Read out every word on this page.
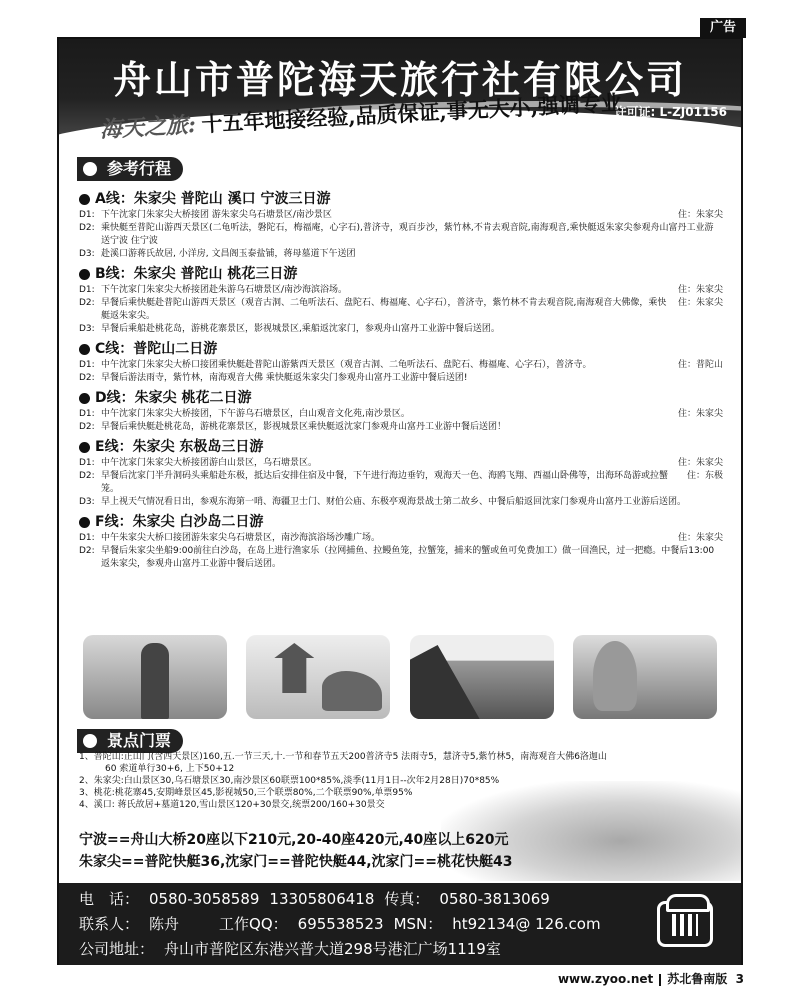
广告
舟山市普陀海天旅行社有限公司
许可证: L-ZJ01156
海天之旅: 十五年地接经验,品质保证,事无大小,强调专业
参考行程
A线：朱家尖 普陀山 溪口 宁波三日游
D1: 下午沈家门朱家尖大桥接团 游朱家尖乌石塘景区/南沙景区	住：朱家尖
D2: 乘快艇至普陀山游西天景区(二龟听法，磐陀石，梅福庵，心字石),普济寺，观百步沙，紫竹林,不肯去观音院,南海观音,乘快艇返朱家尖参观舟山富丹工业游送宁波 住宁波
D3: 赴溪口游蒋氏故居, 小洋房, 文昌阁玉泰盐铺，蒋母墓道下午送团
B线：朱家尖 普陀山 桃花三日游
D1: 下午沈家门朱家尖大桥接团赴朱游乌石塘景区/南沙海滨浴场。	住：朱家尖
D2: 早餐后乘快艇赴普陀山游西天景区（观音古洞、二龟听法石、盘陀石、梅福庵、心字石），普济寺，紫竹林不肯去观音院,南海观音大佛像，乘快艇返朱家尖。
住：朱家尖
D3: 早餐后乘船赴桃花岛，游桃花寨景区，影视城景区,乘船返沈家门，参观舟山富丹工业游中餐后送团。
C线：普陀山二日游
D1: 中午沈家门朱家尖大桥口接团乘快艇赴普陀山游紫西天景区（观音古洞、二龟听法石、盘陀石、梅福庵、心字石），普济寺。	住：普陀山
D2: 早餐后游法雨寺，紫竹林，南海观音大佛 乘快艇返朱家尖门参观舟山富丹工业游中餐后送团!
D线：朱家尖 桃花二日游
D1: 中午沈家门朱家尖大桥接团，下午游乌石塘景区，白山观音文化苑,南沙景区。	住：朱家尖
D2: 早餐后乘快艇赴桃花岛，游桃花寨景区，影视城景区乘快艇返沈家门参观舟山富丹工业游中餐后送团！
E线：朱家尖 东极岛三日游
D1: 中午沈家门朱家尖大桥接团游白山景区，乌石塘景区。	住：朱家尖
D2: 早餐后沈家门半升洞码头乘船赴东极，抵达后安排住宿及中餐，下午进行海边垂钓，观海天一色、海鸥飞翔、西福山卧佛等，出海环岛游或拉蟹笼。
住：东极
D3: 早上视天气情况看日出，参观东海第一哨、海疆卫士门、财伯公庙、东极亭观海景战士第二故乡、中餐后船返回沈家门参观舟山富丹工业游后送团。
F线：朱家尖 白沙岛二日游
D1: 中午朱家尖大桥口接团游朱家尖乌石塘景区，南沙海滨浴场沙雕广场。	住：朱家尖
D2: 早餐后朱家尖坐船9:00前往白沙岛，在岛上进行渔家乐（拉网捕鱼、拉鳗鱼笼，拉蟹笼，捕来的蟹或鱼可免费加工）做一回渔民，过一把瘾。中餐后13:00返朱家尖，参观舟山富丹工业游中餐后送团。
景点门票
1、普陀山:正山门(含西天景区)160,五.一节三天,十.一节和春节五天200普济寺5 法雨寺5，慧济寺5,紫竹林5，南海观音大佛6洛迦山
60 索道单行30+6, 上下50+12
2、朱家尖:白山景区30,乌石塘景区30,南沙景区60联票100*85%,淡季(11月1日--次年2月28日)70*85%
3、桃花:桃花寨45,安期峰景区45,影视城50,三个联票80%,二个联票90%,单票95%
4、溪口: 蒋氏故居+墓道120,雪山景区120+30景交,统票200/160+30景交
宁波==舟山大桥20座以下210元,20-40座420元,40座以上620元
朱家尖==普陀快艇36,沈家门==普陀快艇44,沈家门==桃花快艇43
电　话： 0580-3058589 13305806418 传真： 0580-3813069
联系人： 陈舟	工作QQ： 695538523 MSN： ht92134@ 126.com
公司地址： 舟山市普陀区东港兴普大道298号港汇广场1119室
www.zyoo.net 苏北鲁南版 3
